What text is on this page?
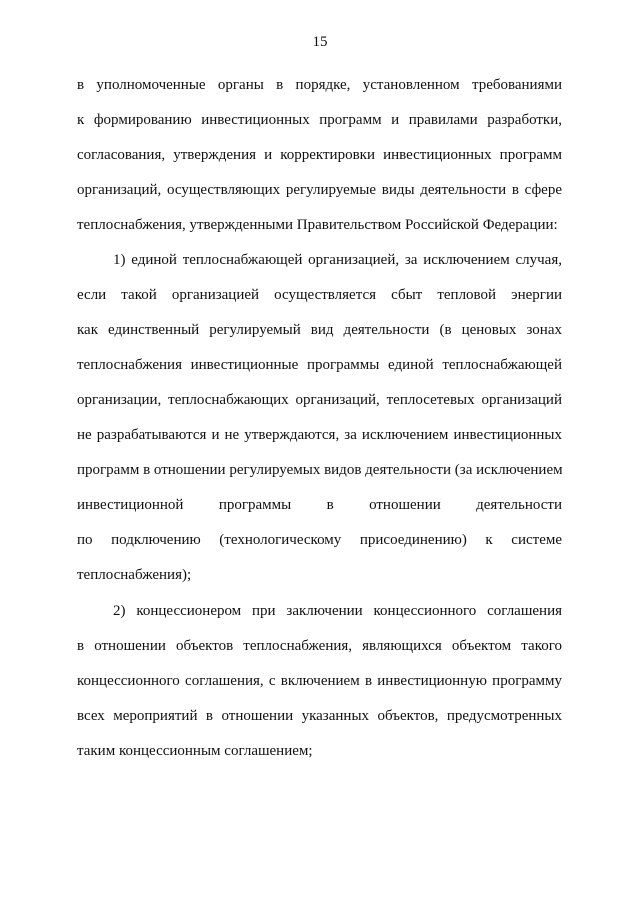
15
в уполномоченные органы в порядке, установленном требованиями
к формированию инвестиционных программ и правилами разработки,
согласования, утверждения и корректировки инвестиционных программ
организаций, осуществляющих регулируемые виды деятельности в сфере
теплоснабжения, утвержденными Правительством Российской Федерации:
1) единой теплоснабжающей организацией, за исключением случая,
если такой организацией осуществляется сбыт тепловой энергии
как единственный регулируемый вид деятельности (в ценовых зонах
теплоснабжения инвестиционные программы единой теплоснабжающей
организации, теплоснабжающих организаций, теплосетевых организаций
не разрабатываются и не утверждаются, за исключением инвестиционных
программ в отношении регулируемых видов деятельности (за исключением
инвестиционной программы в отношении деятельности
по подключению (технологическому присоединению) к системе
теплоснабжения);
2) концессионером при заключении концессионного соглашения
в отношении объектов теплоснабжения, являющихся объектом такого
концессионного соглашения, с включением в инвестиционную программу
всех мероприятий в отношении указанных объектов, предусмотренных
таким концессионным соглашением;
